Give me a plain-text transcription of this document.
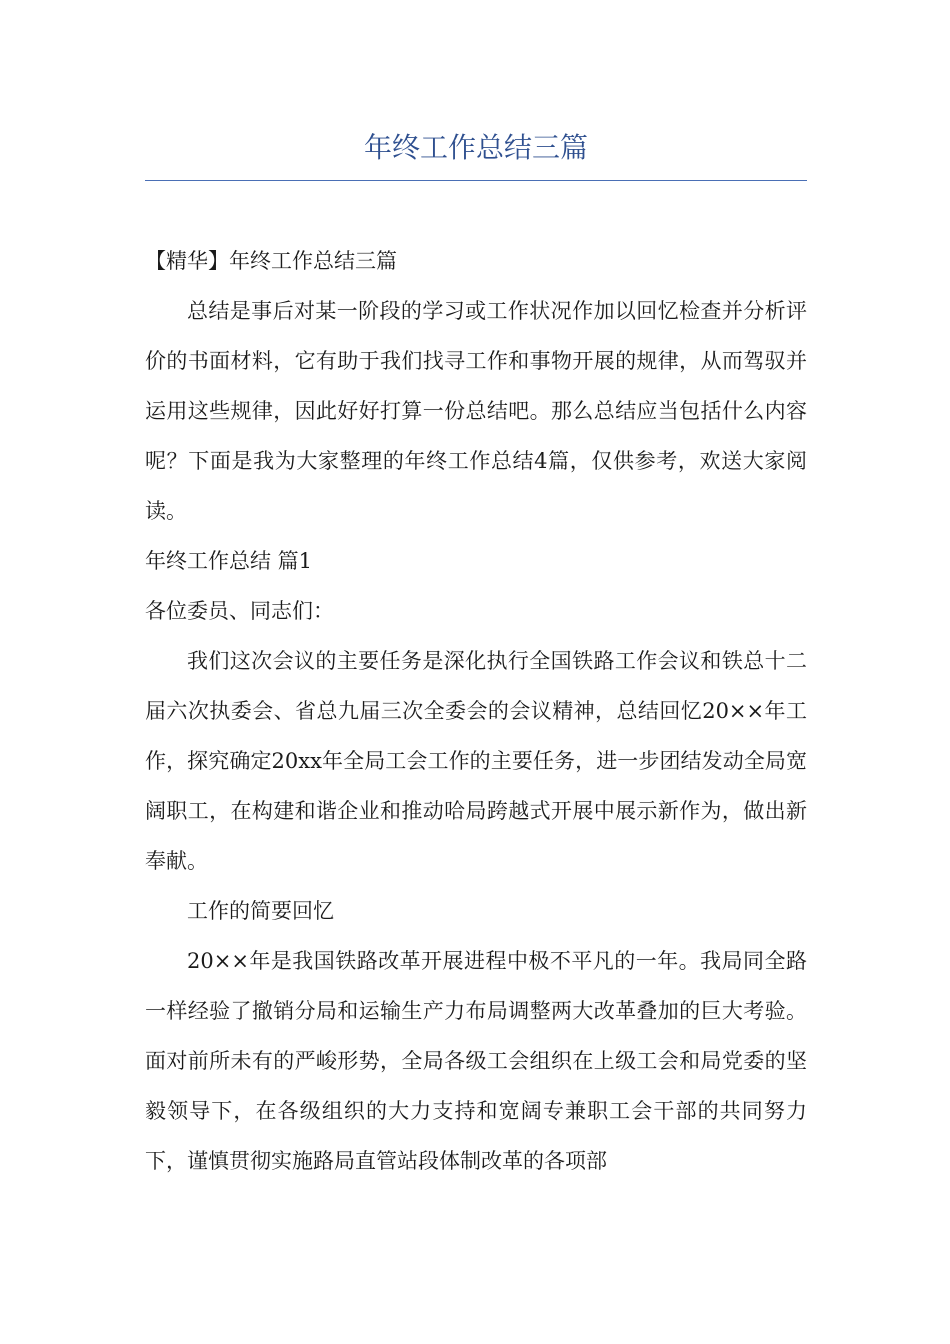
年终工作总结三篇

【精华】年终工作总结三篇

总结是事后对某一阶段的学习或工作状况作加以回忆检查并分析评价的书面材料，它有助于我们找寻工作和事物开展的规律，从而驾驭并运用这些规律，因此好好打算一份总结吧。那么总结应当包括什么内容呢？下面是我为大家整理的年终工作总结4篇，仅供参考，欢送大家阅读。

年终工作总结 篇1

各位委员、同志们：

我们这次会议的主要任务是深化执行全国铁路工作会议和铁总十二届六次执委会、省总九届三次全委会的会议精神，总结回忆20××年工作，探究确定20xx年全局工会工作的主要任务，进一步团结发动全局宽阔职工，在构建和谐企业和推动哈局跨越式开展中展示新作为，做出新奉献。

工作的简要回忆

20××年是我国铁路改革开展进程中极不平凡的一年。我局同全路一样经验了撤销分局和运输生产力布局调整两大改革叠加的巨大考验。面对前所未有的严峻形势，全局各级工会组织在上级工会和局党委的坚毅领导下，在各级组织的大力支持和宽阔专兼职工会干部的共同努力下，谨慎贯彻实施路局直管站段体制改革的各项部
